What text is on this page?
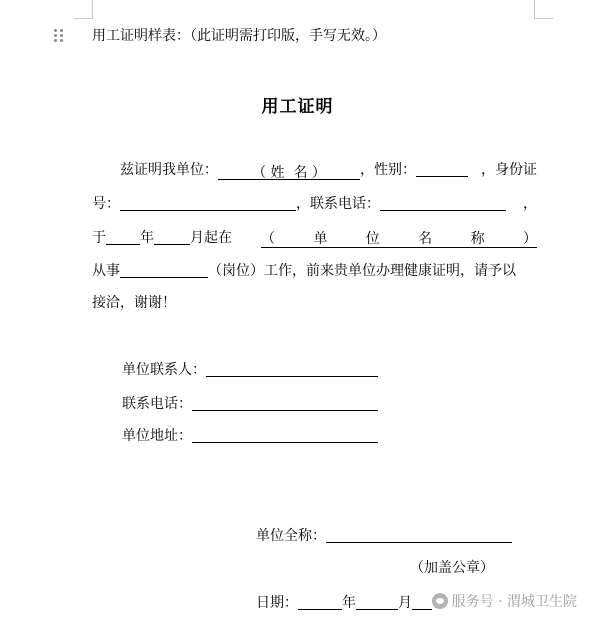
用工证明样表：（此证明需打印版，手写无效。）
用工证明
兹证明我单位： （ 姓  名 ） ，性别：	，身份证
号：	，联系电话：	，
于 年	月起在 （	单	位	名	称	）
从事	（岗位）工作，前来贵单位办理健康证明，请予以
接洽，谢谢！
单位联系人：
联系电话：
单位地址：
单位全称：
（加盖公章）
日期：	年	月	服务号 · 渭城卫生院
